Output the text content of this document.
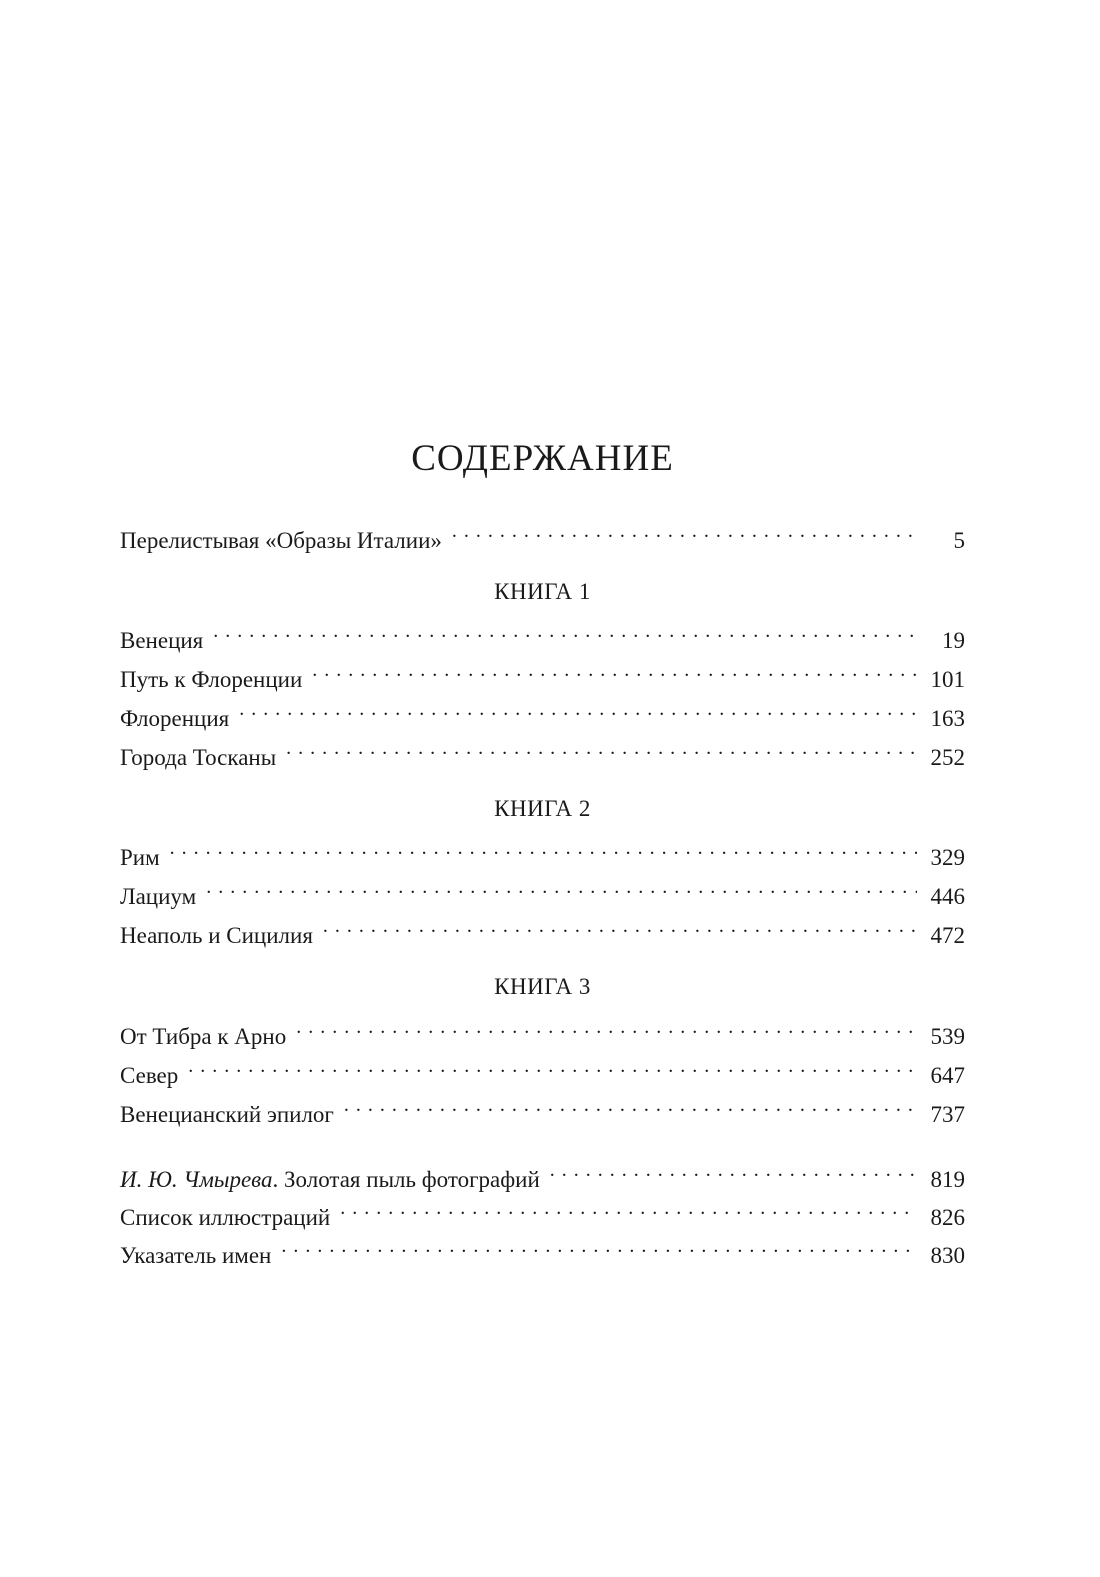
СОДЕРЖАНИЕ
Перелистывая «Образы Италии» . . .	5
КНИГА 1
Венеция . . .	19
Путь к Флоренции . . .	101
Флоренция . . .	163
Города Тосканы . . .	252
КНИГА 2
Рим . . .	329
Лациум . . .	446
Неаполь и Сицилия . . .	472
КНИГА 3
От Тибра к Арно . . .	539
Север . . .	647
Венецианский эпилог . . .	737
И. Ю. Чмырева. Золотая пыль фотографий . . .	819
Список иллюстраций . . .	826
Указатель имен . . .	830
